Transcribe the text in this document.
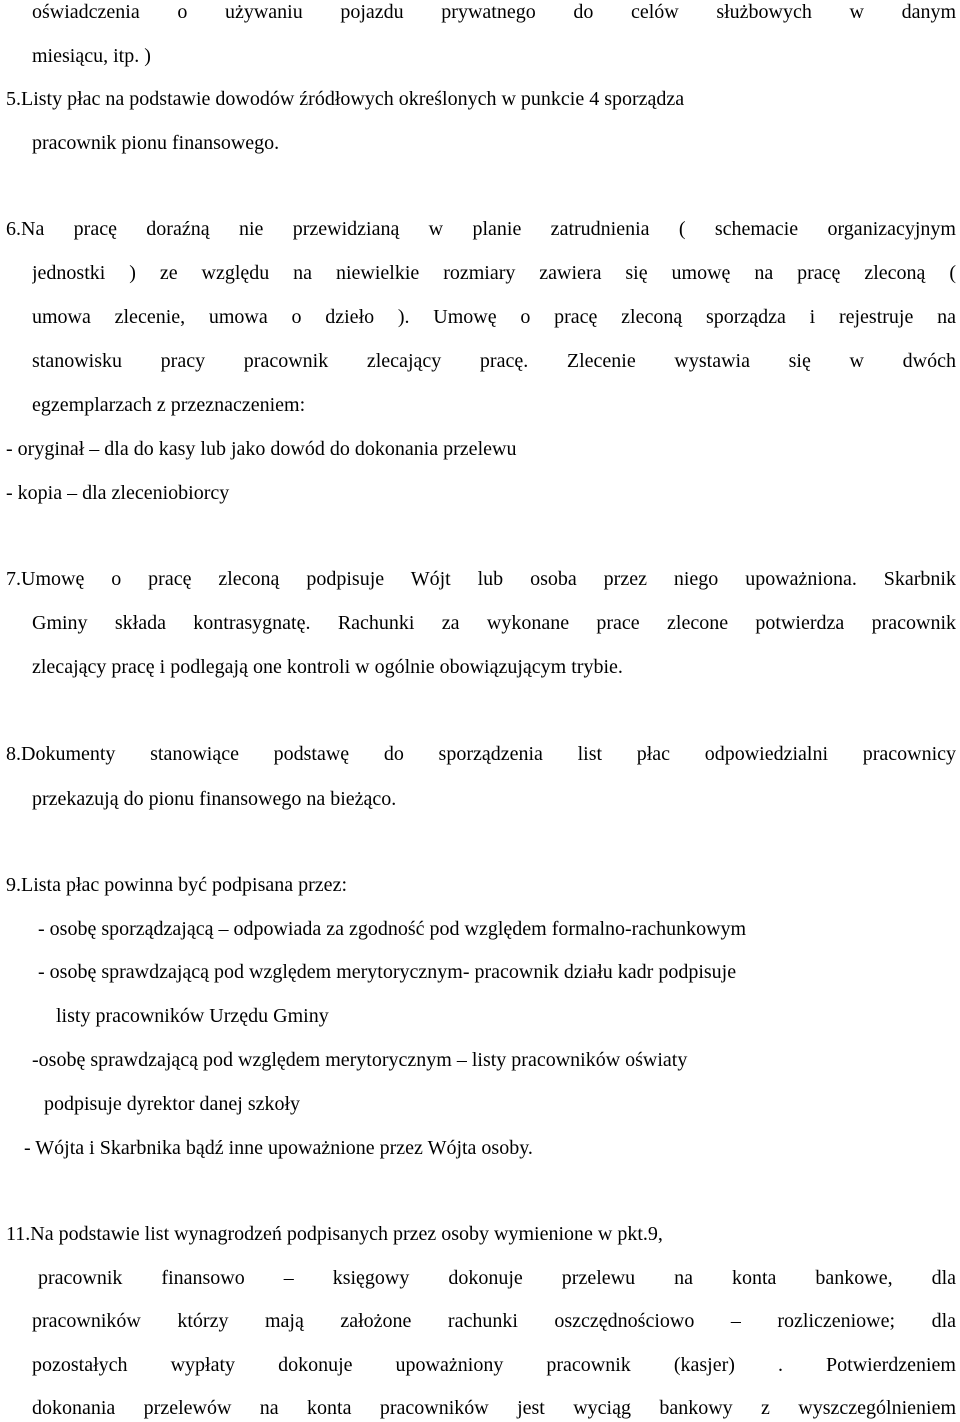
oświadczenia o używaniu pojazdu prywatnego do celów służbowych w danym
miesiącu, itp. )
5.Listy płac na podstawie dowodów źródłowych określonych w punkcie 4 sporządza
pracownik pionu finansowego.
6.Na pracę doraźną nie przewidzianą w planie zatrudnienia ( schemacie organizacyjnym
jednostki ) ze względu na niewielkie rozmiary zawiera się umowę na pracę zleconą (
umowa zlecenie, umowa o dzieło ). Umowę o pracę zleconą sporządza i rejestruje na
stanowisku pracy pracownik zlecający pracę. Zlecenie wystawia się w dwóch
egzemplarzach z przeznaczeniem:
- oryginał – dla do kasy lub jako dowód do dokonania przelewu
- kopia – dla zleceniobiorcy
7.Umowę o pracę zleconą podpisuje Wójt lub osoba przez niego upoważniona. Skarbnik
Gminy składa kontrasygnatę. Rachunki za wykonane prace zlecone potwierdza pracownik
zlecający pracę i podlegają one kontroli w ogólnie obowiązującym trybie.
8.Dokumenty stanowiące podstawę do sporządzenia list płac odpowiedzialni pracownicy
przekazują do pionu finansowego na bieżąco.
9.Lista płac powinna być podpisana przez:
- osobę sporządzającą – odpowiada za zgodność pod względem formalno-rachunkowym
- osobę sprawdzającą pod względem merytorycznym- pracownik działu kadr podpisuje
listy pracowników Urzędu Gminy
-osobę sprawdzającą pod względem merytorycznym – listy pracowników oświaty
podpisuje dyrektor danej szkoły
- Wójta i Skarbnika bądź inne upoważnione przez Wójta osoby.
11.Na podstawie list wynagrodzeń podpisanych przez osoby wymienione w pkt.9,
pracownik finansowo – księgowy dokonuje przelewu na konta bankowe, dla
pracowników którzy mają założone rachunki oszczędnościowo – rozliczeniowe; dla
pozostałych wypłaty dokonuje upoważniony pracownik (kasjer) . Potwierdzeniem
dokonania przelewów na konta pracowników jest wyciąg bankowy z wyszczególnieniem
